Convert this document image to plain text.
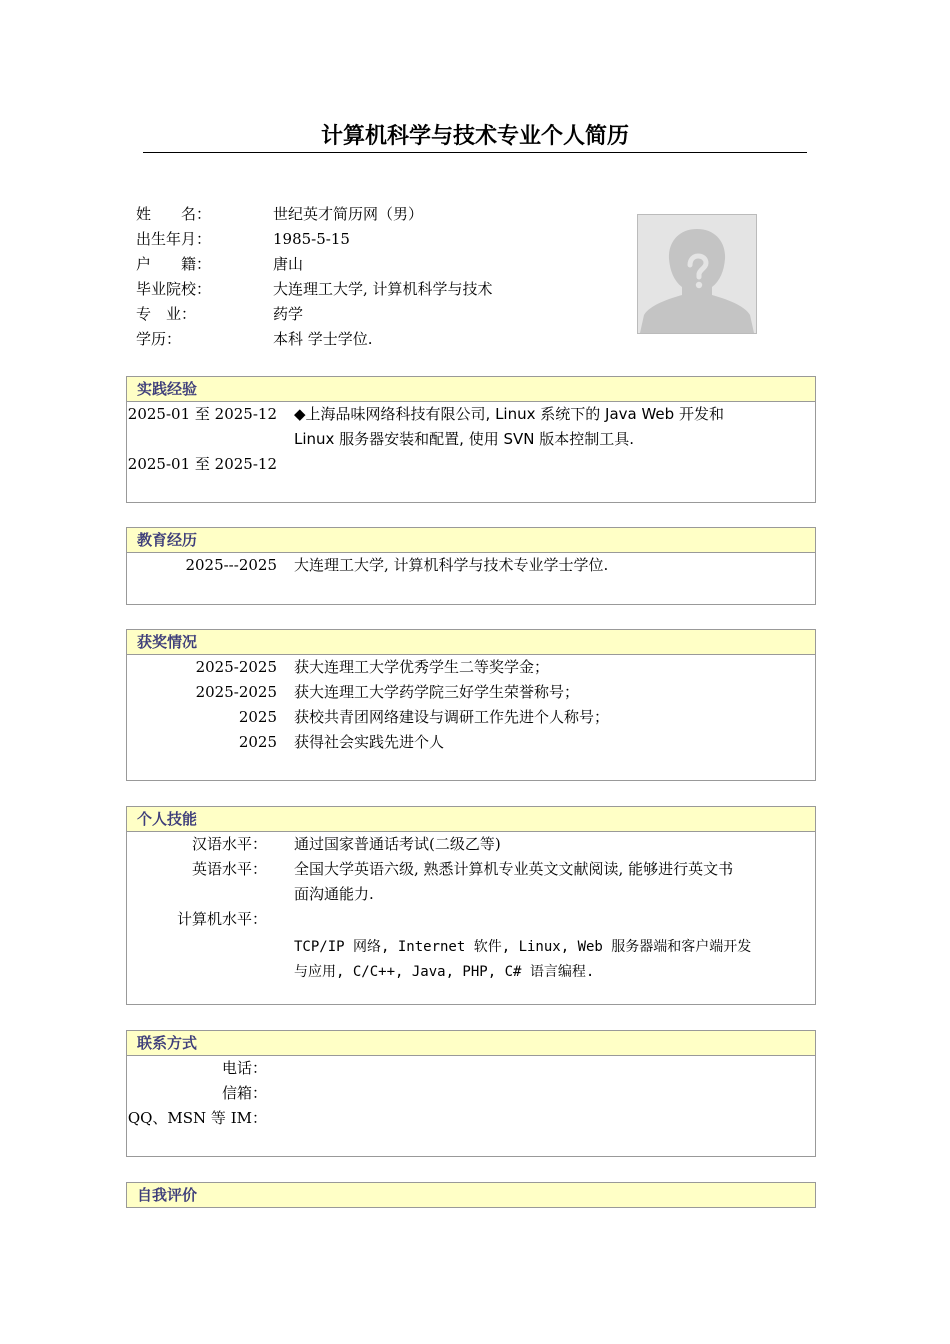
计算机科学与技术专业个人简历
姓　　名：	世纪英才简历网（男）
出生年月：	1985-5-15
户　　籍：	唐山
毕业院校：	大连理工大学, 计算机科学与技术
专　业：	药学
学历：	本科 学士学位.
实践经验
2025-01 至 2025-12 ◆上海品味网络科技有限公司, Linux 系统下的 Java Web 开发和
Linux 服务器安装和配置, 使用 SVN 版本控制工具.
2025-01 至 2025-12
教育经历
2025---2025 大连理工大学, 计算机科学与技术专业学士学位.
获奖情况
2025-2025 获大连理工大学优秀学生二等奖学金；
2025-2025 获大连理工大学药学院三好学生荣誉称号；
2025 获校共青团网络建设与调研工作先进个人称号；
2025 获得社会实践先进个人
个人技能
汉语水平： 通过国家普通话考试(二级乙等)
英语水平： 全国大学英语六级, 熟悉计算机专业英文文献阅读, 能够进行英文书
面沟通能力.
计算机水平：
TCP/IP 网络, Internet 软件, Linux, Web 服务器端和客户端开发
与应用, C/C++, Java, PHP, C# 语言编程.
联系方式
电话：
信箱：
QQ、MSN 等 IM：
自我评价
